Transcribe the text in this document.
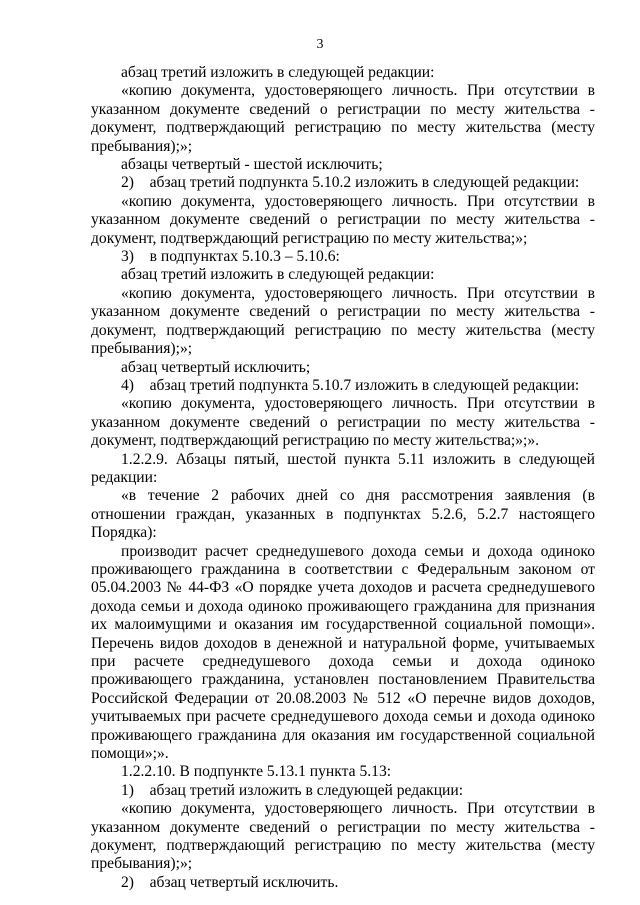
3

абзац третий изложить в следующей редакции:

«копию документа, удостоверяющего личность. При отсутствии в указанном документе сведений о регистрации по месту жительства - документ, подтверждающий регистрацию по месту жительства (месту пребывания);»;

абзацы четвертый - шестой исключить;

2) абзац третий подпункта 5.10.2 изложить в следующей редакции:

«копию документа, удостоверяющего личность. При отсутствии в указанном документе сведений о регистрации по месту жительства - документ, подтверждающий регистрацию по месту жительства;»;

3) в подпунктах 5.10.3 – 5.10.6:

абзац третий изложить в следующей редакции:

«копию документа, удостоверяющего личность. При отсутствии в указанном документе сведений о регистрации по месту жительства - документ, подтверждающий регистрацию по месту жительства (месту пребывания);»;

абзац четвертый исключить;

4) абзац третий подпункта 5.10.7 изложить в следующей редакции:

«копию документа, удостоверяющего личность. При отсутствии в указанном документе сведений о регистрации по месту жительства - документ, подтверждающий регистрацию по месту жительства;»;».

1.2.2.9. Абзацы пятый, шестой пункта 5.11 изложить в следующей редакции:

«в течение 2 рабочих дней со дня рассмотрения заявления (в отношении граждан, указанных в подпунктах 5.2.6, 5.2.7 настоящего Порядка):

производит расчет среднедушевого дохода семьи и дохода одиноко проживающего гражданина в соответствии с Федеральным законом от 05.04.2003 № 44-ФЗ «О порядке учета доходов и расчета среднедушевого дохода семьи и дохода одиноко проживающего гражданина для признания их малоимущими и оказания им государственной социальной помощи». Перечень видов доходов в денежной и натуральной форме, учитываемых при расчете среднедушевого дохода семьи и дохода одиноко проживающего гражданина, установлен постановлением Правительства Российской Федерации от 20.08.2003 № 512 «О перечне видов доходов, учитываемых при расчете среднедушевого дохода семьи и дохода одиноко проживающего гражданина для оказания им государственной социальной помощи»;».

1.2.2.10. В подпункте 5.13.1 пункта 5.13:

1) абзац третий изложить в следующей редакции:

«копию документа, удостоверяющего личность. При отсутствии в указанном документе сведений о регистрации по месту жительства - документ, подтверждающий регистрацию по месту жительства (месту пребывания);»;

2) абзац четвертый исключить.
